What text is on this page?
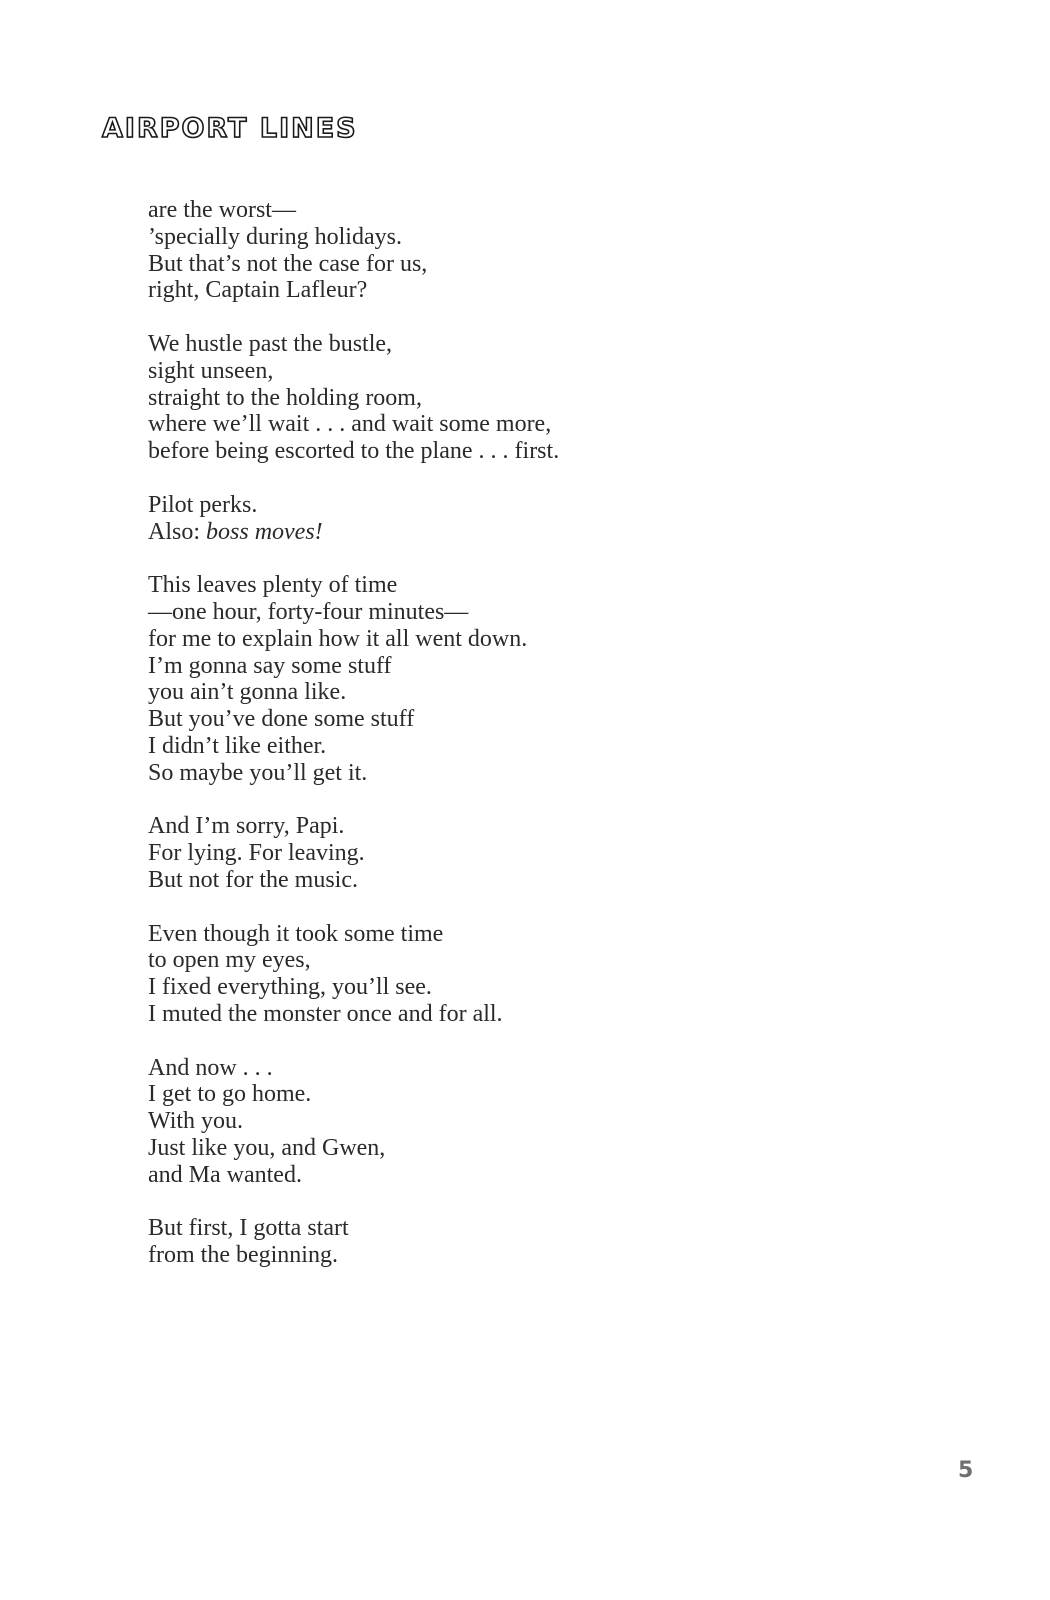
AIRPORT LINES
are the worst—
’specially during holidays.
But that’s not the case for us,
right, Captain Lafleur?
We hustle past the bustle,
sight unseen,
straight to the holding room,
where we’ll wait . . . and wait some more,
before being escorted to the plane . . . first.
Pilot perks.
Also: boss moves!
This leaves plenty of time
—one hour, forty-four minutes—
for me to explain how it all went down.
I’m gonna say some stuff
you ain’t gonna like.
But you’ve done some stuff
I didn’t like either.
So maybe you’ll get it.
And I’m sorry, Papi.
For lying. For leaving.
But not for the music.
Even though it took some time
to open my eyes,
I fixed everything, you’ll see.
I muted the monster once and for all.
And now . . .
I get to go home.
With you.
Just like you, and Gwen,
and Ma wanted.
But first, I gotta start
from the beginning.
5
